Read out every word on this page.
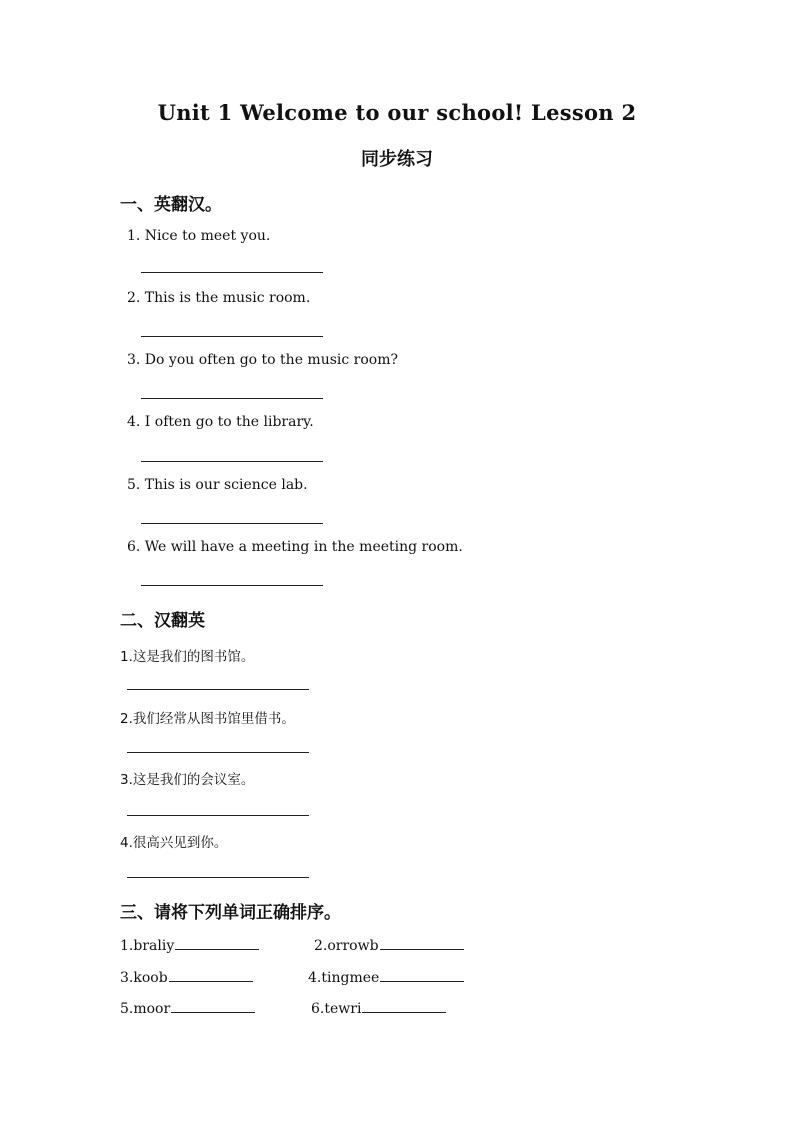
Unit 1 Welcome to our school! Lesson 2
同步练习
一、英翻汉。
1. Nice to meet you.
2. This is the music room.
3. Do you often go to the music room?
4. I often go to the library.
5. This is our science lab.
6. We will have a meeting in the meeting room.
二、汉翻英
1.这是我们的图书馆。
2.我们经常从图书馆里借书。
3.这是我们的会议室。
4.很高兴见到你。
三、请将下列单词正确排序。
1.braliy	2.orrowb
3.koob	4.tingmee
5.moor	6.tewri
